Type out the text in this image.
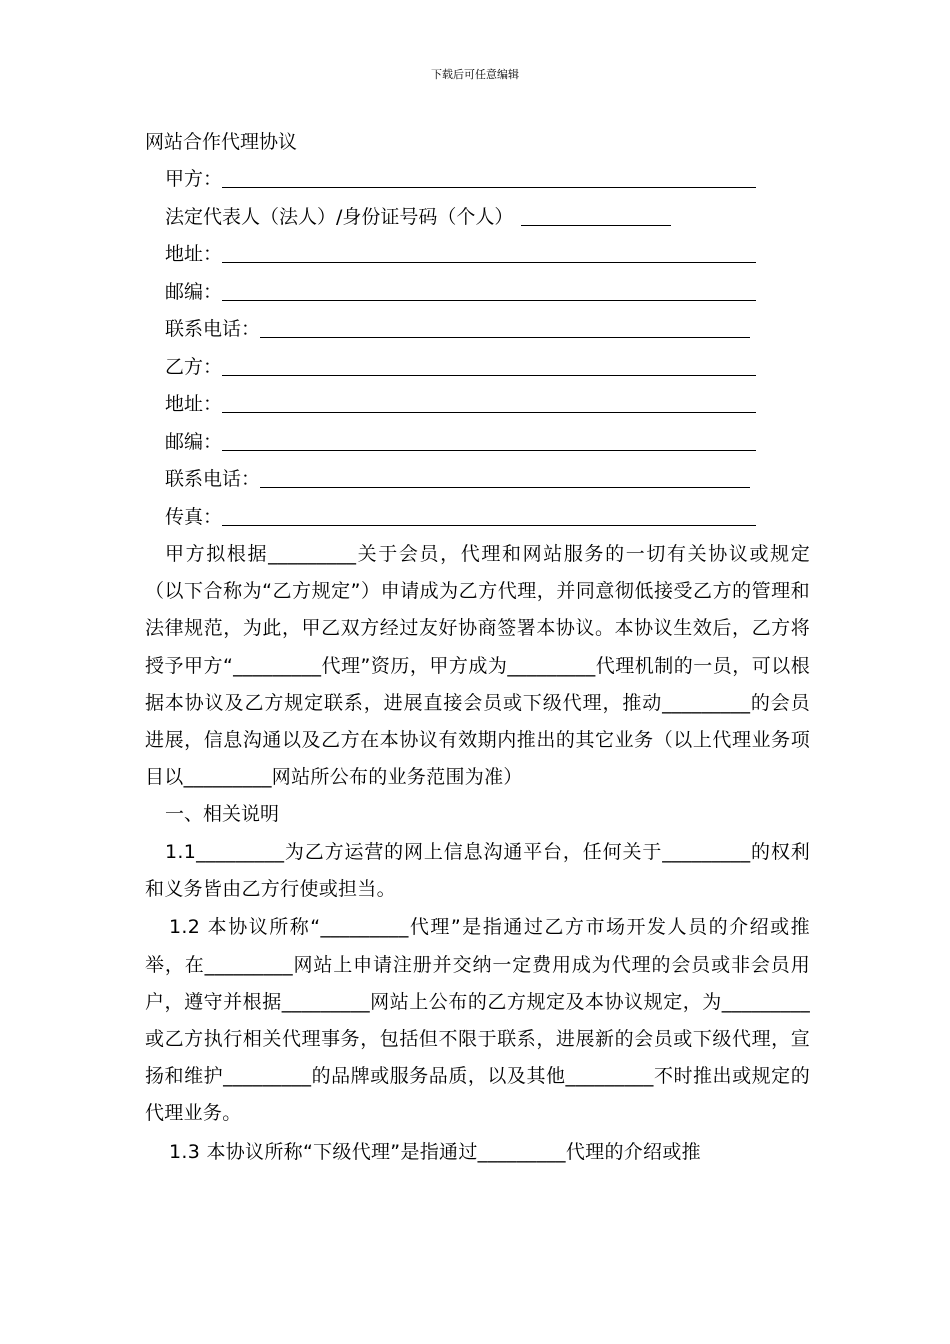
下载后可任意编辑
网站合作代理协议
甲方：
法定代表人（法人）/身份证号码（个人）
地址：
邮编：
联系电话：
乙方：
地址：
邮编：
联系电话：
传真：
甲方拟根据_________关于会员，代理和网站服务的一切有关协议或规定（以下合称为“乙方规定”）申请成为乙方代理，并同意彻低接受乙方的管理和法律规范，为此，甲乙双方经过友好协商签署本协议。本协议生效后，乙方将授予甲方“_________代理”资历，甲方成为_________代理机制的一员，可以根据本协议及乙方规定联系，进展直接会员或下级代理，推动_________的会员进展，信息沟通以及乙方在本协议有效期内推出的其它业务（以上代理业务项目以_________网站所公布的业务范围为准）
一、相关说明
1.1_________为乙方运营的网上信息沟通平台，任何关于_________的权利和义务皆由乙方行使或担当。
1.2 本协议所称“_________代理”是指通过乙方市场开发人员的介绍或推举，在_________网站上申请注册并交纳一定费用成为代理的会员或非会员用户，遵守并根据_________网站上公布的乙方规定及本协议规定，为_________或乙方执行相关代理事务，包括但不限于联系，进展新的会员或下级代理，宣扬和维护_________的品牌或服务品质，以及其他_________不时推出或规定的代理业务。
1.3 本协议所称“下级代理”是指通过_________代理的介绍或推
